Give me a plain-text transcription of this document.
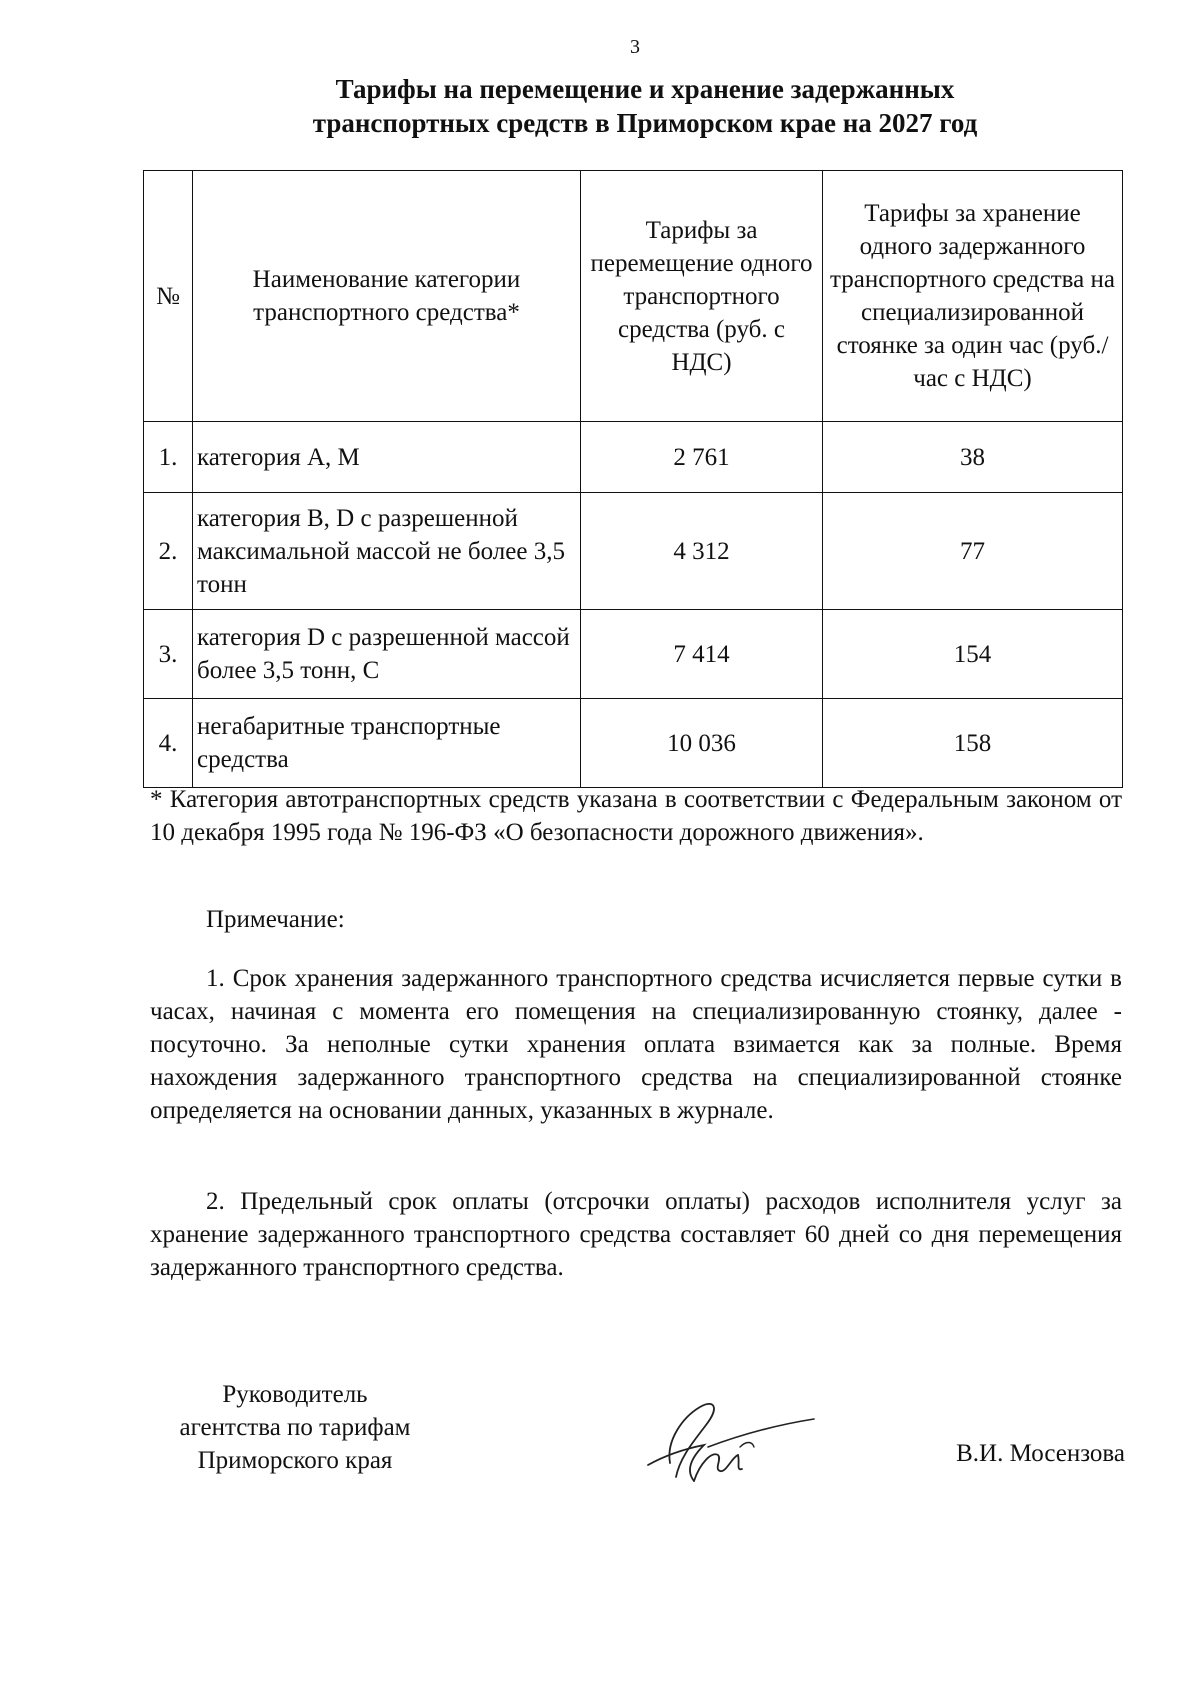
3
Тарифы на перемещение и хранение задержанных
транспортных средств в Приморском крае на 2027 год
№	Наименование категории транспортного средства*	Тарифы за перемещение одного транспортного средства (руб. с НДС)	Тарифы за хранение одного задержанного транспортного средства на специализированной стоянке за один час (руб./час с НДС)
1.	категория А, М	2 761	38
2.	категория В, D с разрешенной максимальной массой не более 3,5 тонн	4 312	77
3.	категория D с разрешенной массой более 3,5 тонн, С	7 414	154
4.	негабаритные транспортные средства	10 036	158
* Категория автотранспортных средств указана в соответствии с Федеральным законом от 10 декабря 1995 года № 196-ФЗ «О безопасности дорожного движения».
Примечание:
1. Срок хранения задержанного транспортного средства исчисляется первые сутки в часах, начиная с момента его помещения на специализированную стоянку, далее - посуточно. За неполные сутки хранения оплата взимается как за полные. Время нахождения задержанного транспортного средства на специализированной стоянке определяется на основании данных, указанных в журнале.
2. Предельный срок оплаты (отсрочки оплаты) расходов исполнителя услуг за хранение задержанного транспортного средства составляет 60 дней со дня перемещения задержанного транспортного средства.
Руководитель
агентства по тарифам
Приморского края	В.И. Мосензова
